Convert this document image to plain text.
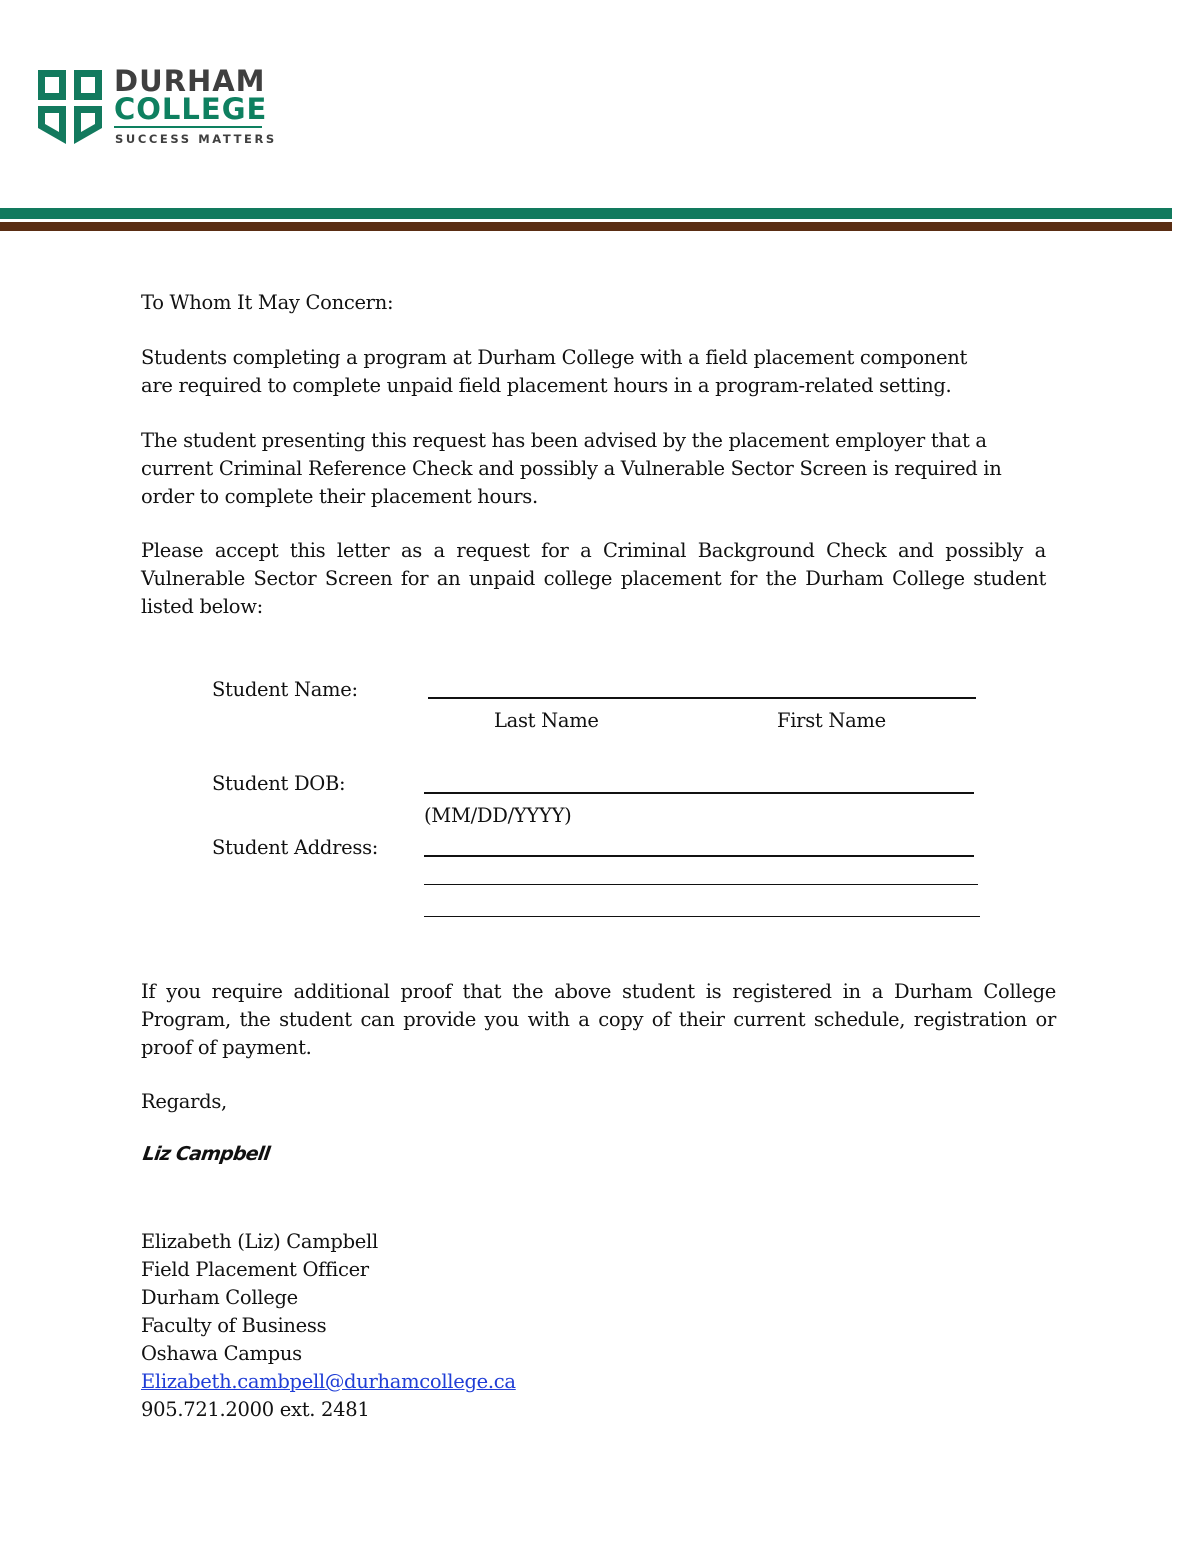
DURHAM
COLLEGE
SUCCESS MATTERS
To Whom It May Concern:
Students completing a program at Durham College with a field placement component
are required to complete unpaid field placement hours in a program-related setting.
The student presenting this request has been advised by the placement employer that a
current Criminal Reference Check and possibly a Vulnerable Sector Screen is required in
order to complete their placement hours.
Please accept this letter as a request for a Criminal Background Check and possibly a
Vulnerable Sector Screen for an unpaid college placement for the Durham College student
listed below:
Student Name:
Last Name	First Name
Student DOB:
(MM/DD/YYYY)
Student Address:
If you require additional proof that the above student is registered in a Durham College
Program, the student can provide you with a copy of their current schedule, registration or
proof of payment.
Regards,
Liz Campbell
Elizabeth (Liz) Campbell
Field Placement Officer
Durham College
Faculty of Business
Oshawa Campus
Elizabeth.cambpell@durhamcollege.ca
905.721.2000 ext. 2481
